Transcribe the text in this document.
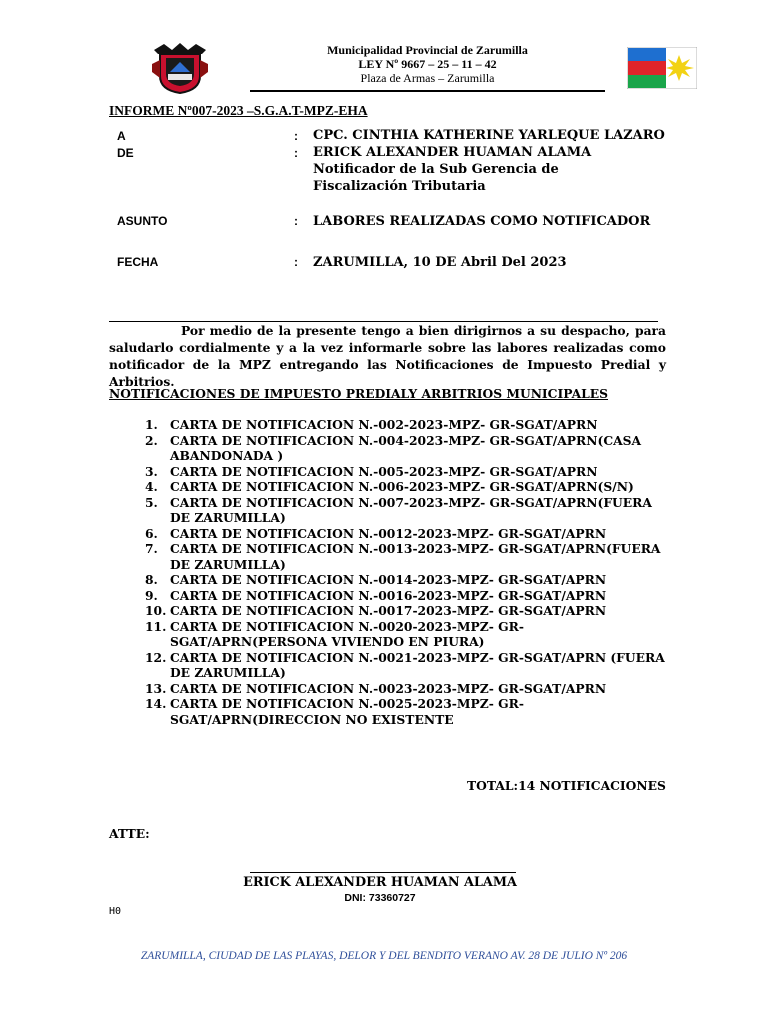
Municipalidad Provincial de Zarumilla
LEY Nº 9667 – 25 – 11 – 42
Plaza de Armas – Zarumilla
INFORME Nº007-2023 –S.G.A.T-MPZ-EHA
A	: CPC. CINTHIA KATHERINE YARLEQUE LAZARO
DE	: ERICK ALEXANDER HUAMAN ALAMA
Notificador de la Sub Gerencia de Fiscalización Tributaria
ASUNTO	: LABORES REALIZADAS COMO NOTIFICADOR
FECHA	: ZARUMILLA, 10 DE Abril Del 2023
Por medio de la presente tengo a bien dirigirnos a su despacho, para saludarlo cordialmente y a la vez informarle sobre las labores realizadas como notificador de la MPZ entregando las Notificaciones de Impuesto Predial y Arbitrios.
NOTIFICACIONES DE IMPUESTO PREDIALY ARBITRIOS MUNICIPALES
1. CARTA DE NOTIFICACION N.-002-2023-MPZ- GR-SGAT/APRN
2. CARTA DE NOTIFICACION N.-004-2023-MPZ- GR-SGAT/APRN(CASA ABANDONADA )
3. CARTA DE NOTIFICACION N.-005-2023-MPZ- GR-SGAT/APRN
4. CARTA DE NOTIFICACION N.-006-2023-MPZ- GR-SGAT/APRN(S/N)
5. CARTA DE NOTIFICACION N.-007-2023-MPZ- GR-SGAT/APRN(FUERA DE ZARUMILLA)
6. CARTA DE NOTIFICACION N.-0012-2023-MPZ- GR-SGAT/APRN
7. CARTA DE NOTIFICACION N.-0013-2023-MPZ- GR-SGAT/APRN(FUERA DE ZARUMILLA)
8. CARTA DE NOTIFICACION N.-0014-2023-MPZ- GR-SGAT/APRN
9. CARTA DE NOTIFICACION N.-0016-2023-MPZ- GR-SGAT/APRN
10. CARTA DE NOTIFICACION N.-0017-2023-MPZ- GR-SGAT/APRN
11. CARTA DE NOTIFICACION N.-0020-2023-MPZ- GR-SGAT/APRN(PERSONA VIVIENDO EN PIURA)
12. CARTA DE NOTIFICACION N.-0021-2023-MPZ- GR-SGAT/APRN (FUERA DE ZARUMILLA)
13. CARTA DE NOTIFICACION N.-0023-2023-MPZ- GR-SGAT/APRN
14. CARTA DE NOTIFICACION N.-0025-2023-MPZ- GR-SGAT/APRN(DIRECCION NO EXISTENTE
TOTAL:14 NOTIFICACIONES
ATTE:
ERICK ALEXANDER HUAMAN ALAMA
DNI: 73360727
H0
ZARUMILLA, CIUDAD DE LAS PLAYAS, DELOR Y DEL BENDITO VERANO AV. 28 DE JULIO Nº 206
